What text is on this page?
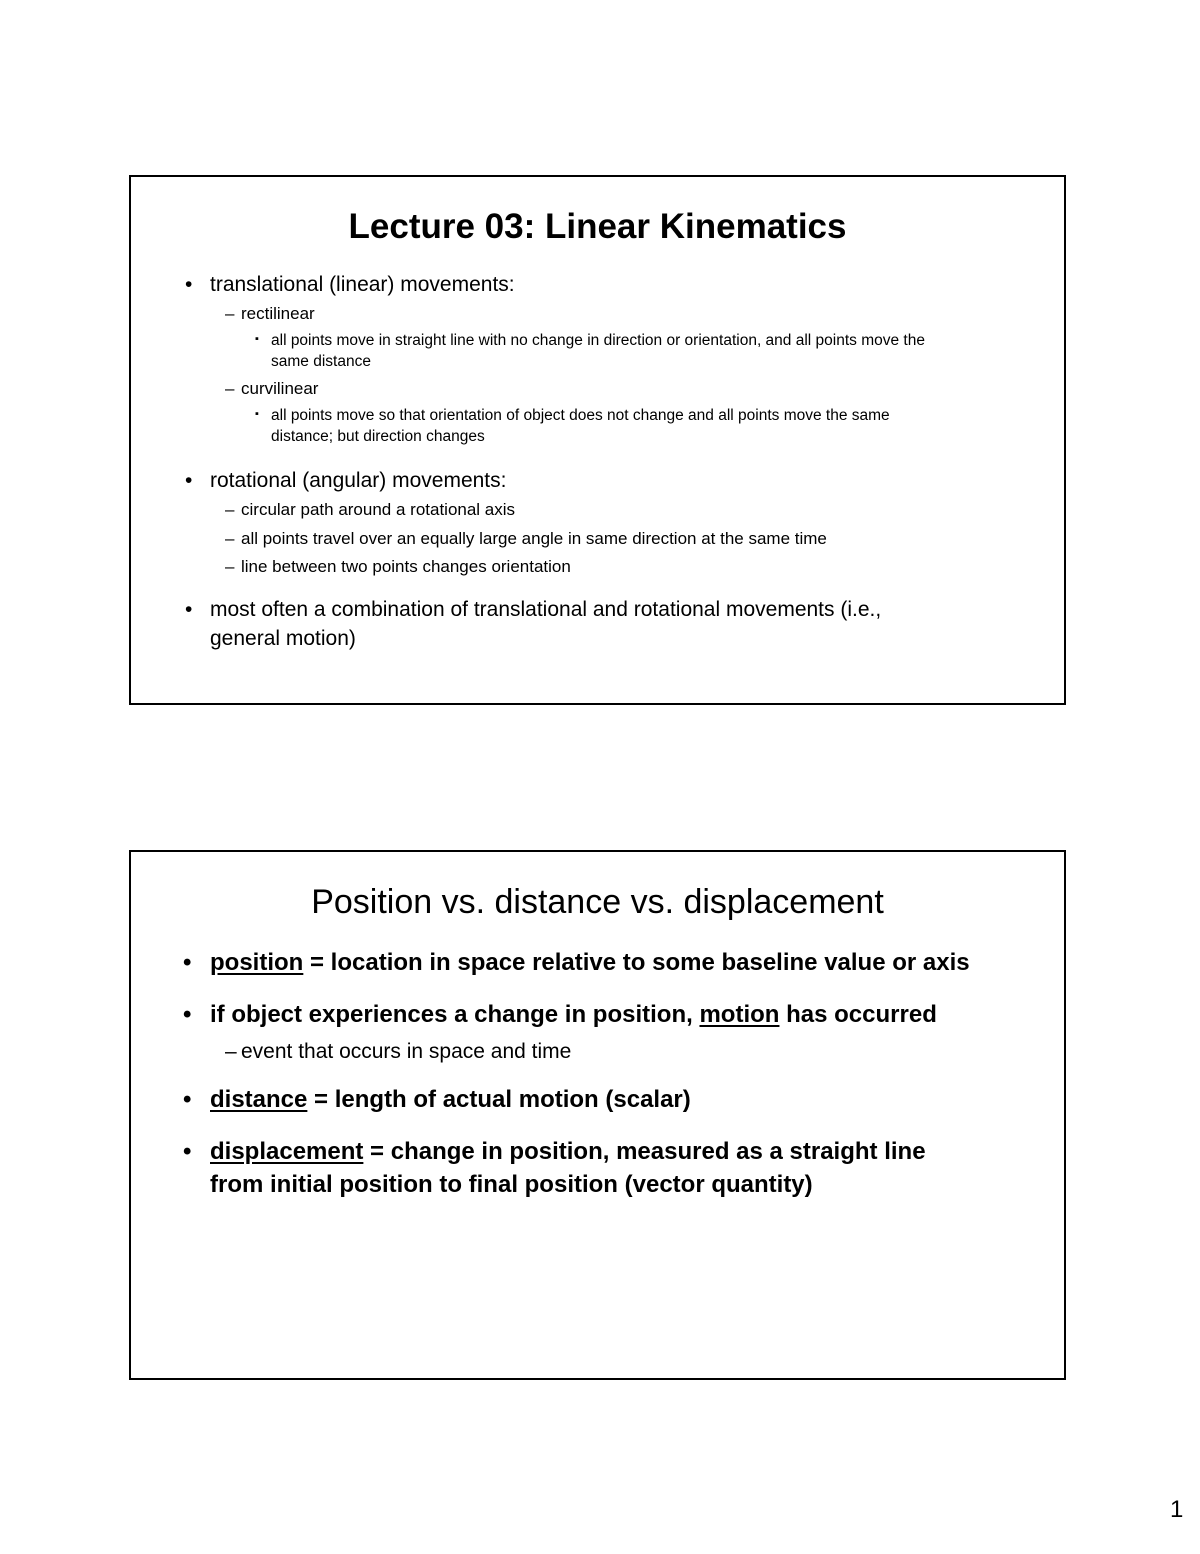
Lecture 03: Linear Kinematics
• translational (linear) movements:
– rectilinear
▪ all points move in straight line with no change in direction or orientation, and all points move the
same distance
– curvilinear
▪ all points move so that orientation of object does not change and all points move the same
distance; but direction changes
• rotational (angular) movements:
– circular path around a rotational axis
– all points travel over an equally large angle in same direction at the same time
– line between two points changes orientation
• most often a combination of translational and rotational movements (i.e.,
general motion)
Position vs. distance vs. displacement
• position = location in space relative to some baseline value or axis
• if object experiences a change in position, motion has occurred
– event that occurs in space and time
• distance = length of actual motion (scalar)
• displacement = change in position, measured as a straight line
from initial position to final position (vector quantity)
1
